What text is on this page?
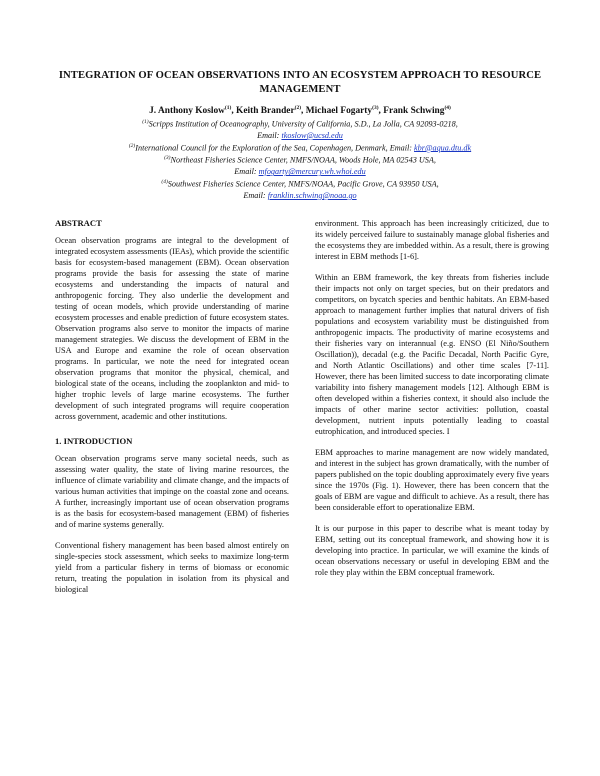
INTEGRATION OF OCEAN OBSERVATIONS INTO AN ECOSYSTEM APPROACH TO RESOURCE MANAGEMENT
J. Anthony Koslow$^{(1)}$, Keith Brander$^{(2)}$, Michael Fogarty$^{(3)}$, Frank Schwing$^{(4)}$
$^{(1)}$Scripps Institution of Oceanography, University of California, S.D., La Jolla, CA 92093-0218,
Email: tkoslow@ucsd.edu
$^{(2)}$International Council for the Exploration of the Sea, Copenhagen, Denmark, Email: kbr@aqua.dtu.dk
$^{(3)}$Northeast Fisheries Science Center, NMFS/NOAA, Woods Hole, MA 02543 USA,
Email: mfogarty@mercury.wh.whoi.edu
$^{(4)}$Southwest Fisheries Science Center, NMFS/NOAA, Pacific Grove, CA 93950 USA,
Email: franklin.schwing@noaa.go
ABSTRACT

Ocean observation programs are integral to the development of integrated ecosystem assessments (IEAs), which provide the scientific basis for ecosystem-based management (EBM). Ocean observation programs provide the basis for assessing the state of marine ecosystems and understanding the impacts of natural and anthropogenic forcing. They also underlie the development and testing of ocean models, which provide understanding of marine ecosystem processes and enable prediction of future ecosystem states. Observation programs also serve to monitor the impacts of marine management strategies. We discuss the development of EBM in the USA and Europe and examine the role of ocean observation programs. In particular, we note the need for integrated ocean observation programs that monitor the physical, chemical, and biological state of the oceans, including the zooplankton and mid- to higher trophic levels of large marine ecosystems. The further development of such integrated programs will require cooperation across government, academic and other institutions.

1. INTRODUCTION

Ocean observation programs serve many societal needs, such as assessing water quality, the state of living marine resources, the influence of climate variability and climate change, and the impacts of various human activities that impinge on the coastal zone and oceans. A further, increasingly important use of ocean observation programs is as the basis for ecosystem-based management (EBM) of fisheries and of marine systems generally.

Conventional fishery management has been based almost entirely on single-species stock assessment, which seeks to maximize long-term yield from a particular fishery in terms of biomass or economic return, treating the population in isolation from its physical and biological

environment. This approach has been increasingly criticized, due to its widely perceived failure to sustainably manage global fisheries and the ecosystems they are imbedded within. As a result, there is growing interest in EBM methods [1-6].

Within an EBM framework, the key threats from fisheries include their impacts not only on target species, but on their predators and competitors, on bycatch species and benthic habitats. An EBM-based approach to management further implies that natural drivers of fish populations and ecosystem variability must be distinguished from anthropogenic impacts. The productivity of marine ecosystems and their fisheries vary on interannual (e.g. ENSO (El Niño/Southern Oscillation)), decadal (e.g. the Pacific Decadal, North Pacific Gyre, and North Atlantic Oscillations) and other time scales [7-11]. However, there has been limited success to date incorporating climate variability into fishery management models [12]. Although EBM is often developed within a fisheries context, it should also include the impacts of other marine sector activities: pollution, coastal development, nutrient inputs potentially leading to coastal eutrophication, and introduced species. I

EBM approaches to marine management are now widely mandated, and interest in the subject has grown dramatically, with the number of papers published on the topic doubling approximately every five years since the 1970s (Fig. 1). However, there has been concern that the goals of EBM are vague and difficult to achieve. As a result, there has been considerable effort to operationalize EBM.

It is our purpose in this paper to describe what is meant today by EBM, setting out its conceptual framework, and showing how it is developing into practice. In particular, we will examine the kinds of ocean observations necessary or useful in developing EBM and the role they play within the EBM conceptual framework.
